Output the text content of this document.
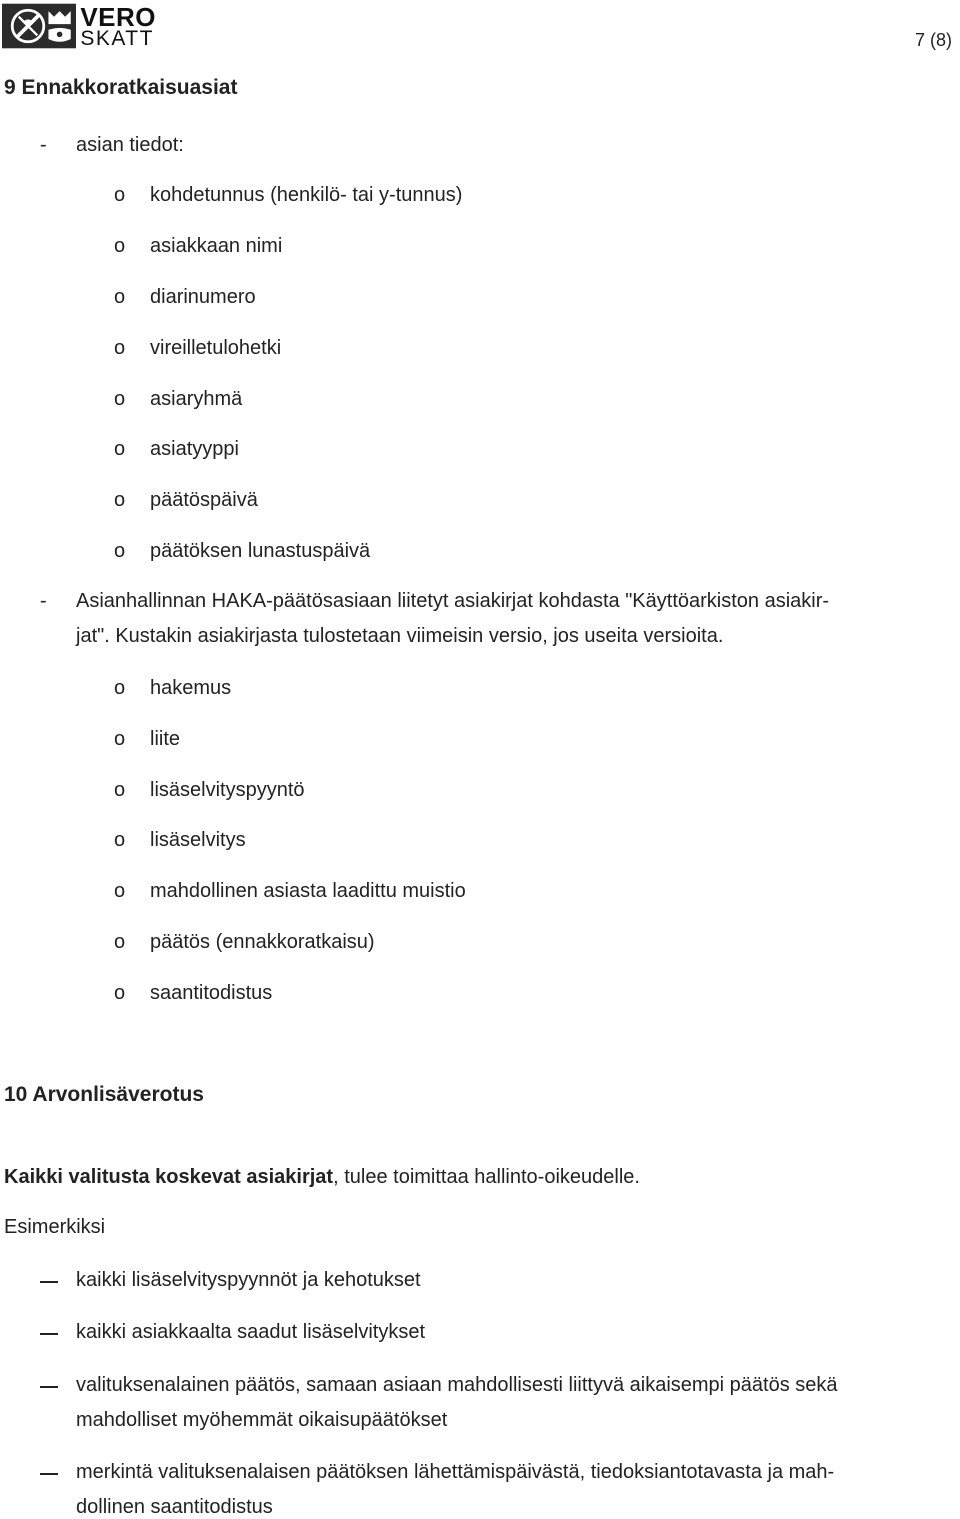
VERO
SKATT	7 (8)
9 Ennakkoratkaisuasiat
- asian tiedot:
o kohdetunnus (henkilö- tai y-tunnus)
o asiakkaan nimi
o diarinumero
o vireilletulohetki
o asiaryhmä
o asiatyyppi
o päätöspäivä
o päätöksen lunastuspäivä
- Asianhallinnan HAKA-päätösasiaan liitetyt asiakirjat kohdasta "Käyttöarkiston asiakir-
jat". Kustakin asiakirjasta tulostetaan viimeisin versio, jos useita versioita.
o hakemus
o liite
o lisäselvityspyyntö
o lisäselvitys
o mahdollinen asiasta laadittu muistio
o päätös (ennakkoratkaisu)
o saantitodistus
10 Arvonlisäverotus
Kaikki valitusta koskevat asiakirjat, tulee toimittaa hallinto-oikeudelle.
Esimerkiksi
kaikki lisäselvityspyynnöt ja kehotukset
kaikki asiakkaalta saadut lisäselvitykset
valituksenalainen päätös, samaan asiaan mahdollisesti liittyvä aikaisempi päätös sekä
mahdolliset myöhemmät oikaisupäätökset
merkintä valituksenalaisen päätöksen lähettämispäivästä, tiedoksiantotavasta ja mah-
dollinen saantitodistus
